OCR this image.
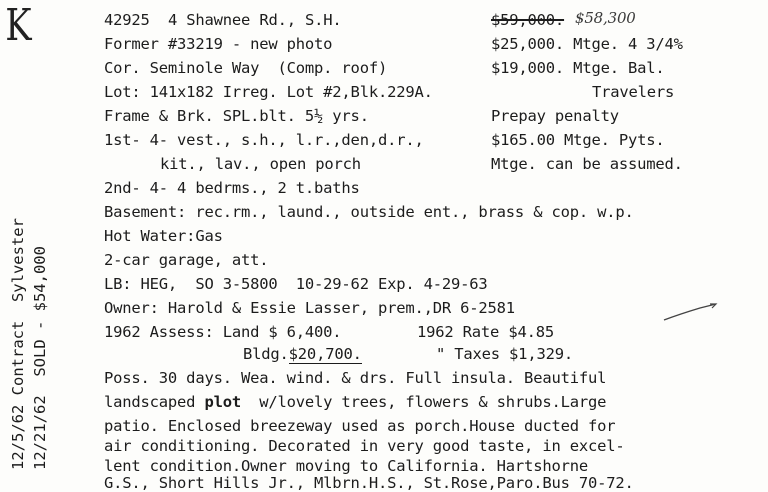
K	42925 4 Shawnee Rd., S.H.	$59,000. $58,300
Former #33219 - new photo	$25,000. Mtge. 4 3/4%
Cor. Seminole Way  (Comp. roof)	$19,000. Mtge. Bal.
Lot: 141x182 Irreg. Lot #2,Blk.229A.	Travelers
Frame & Brk. SPL.blt. 5½ yrs.	Prepay penalty
1st- 4- vest., s.h., l.r.,den,d.r.,	$165.00 Mtge. Pyts.
kit., lav., open porch	Mtge. can be assumed.
2nd- 4- 4 bedrms., 2 t.baths
Basement: rec.rm., laund., outside ent., brass & cop. w.p.
Hot Water:Gas
2-car garage, att.
LB: HEG,  SO 3-5800  10-29-62 Exp. 4-29-63
Owner: Harold & Essie Lasser, prem.,DR 6-2581
1962 Assess: Land $ 6,400.	1962 Rate $4.85
Bldg.$20,700.	" Taxes $1,329.
Poss. 30 days. Wea. wind. & drs. Full insula. Beautiful
landscaped plot  w/lovely trees, flowers & shrubs.Large
patio. Enclosed breezeway used as porch.House ducted for
air conditioning. Decorated in very good taste, in excel-
lent condition.Owner moving to California. Hartshorne
G.S., Short Hills Jr., Mlbrn.H.S., St.Rose,Paro.Bus 70-72.
12/5/62 Contract  Sylvester 12/21/62  SOLD - $54,000
